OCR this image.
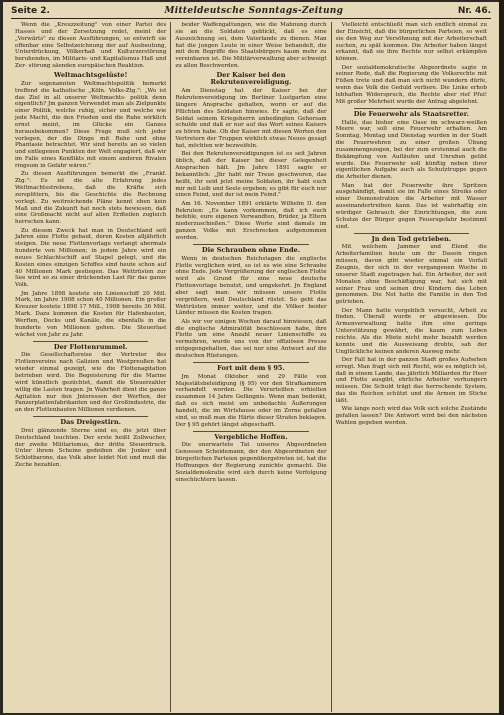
Seite 2.	Mitteldeutsche Sonntags-Zeitung	Nr. 46.

Wenn die „Kreuzzeitung" von einer Partei des Hasses und der Zersetzung redet, meint der „Vorwärts" zu diesen Ausführungen, so entwirft sie offenbar eine Selbstzeichnung der auf Ausbeutung, Unterdrückung, Völkerhaß und Kulturzerstörung beruhenden, im Militaris- und Kapitalismus Haß und Zer- störung säenden europäischen Reaktion.

Weltmachtsgelüste!

Zur sogenannten Weltmachtspolitik bemerkt treffend die katholische „Köln. Volks-Ztg.": „Wo ist das Ziel in all unserer Weltmachts- politik denn eigentlich? Jm ganzen Verwendet man als Zielpunkte einer Politik, welche ruhig, sicher und welche wie jede Macht, die den Frieden und die Ruhe wirklich ernst meint, im Glücke ein Ganzes herausbekommen? Diese Frage muß sich jeder vorlegen, der die Dinge mit Ruhe und ohne Phantasie betrachtet. Wir sind bereits an so vielen und entlegenen Punkten der Welt engagiert, daß wir im Falle eines Konflikts mit einem anderen Rivalen ringsum in Gefahr wären."

Zu diesen Ausführungen bemerkt die „Frankf. Ztg.": Es ist die alte Erfahrung jedes Weltmachtsstrebens, daß die Kräfte sich zersplittern, bis die Geschichte die Rechnung vorlegt. Zu weitreichende Pläne kennt eben kein Maß und die Zukunft hat noch stets bewiesen, daß eine Großmacht nicht auf allen Erdteilen zugleich herrschen kann.

Zu diesem Zweck hat man in Deutschland seit Jahren eine Flotte gebaut, deren Kosten alljährlich steigen. Die neue Flottenvorlage verlangt abermals hunderte von Millionen; in jedem Jahre wird ein neues Schlachtschiff auf Stapel gelegt, und die Kosten eines einzigen Schiffes sind heute schon auf 40 Millionen Mark gestiegen. Das Wettrüsten zur See wird so zu einer drückenden Last für das ganze Volk.

Jm Jahre 1898 kostete ein Linienschiff 20 Mill. Mark, im Jahre 1908 schon 40 Millionen. Ein großer Kreuzer kostete 1898 17 Mill., 1908 bereits 36 Mill. Mark. Dazu kommen die Kosten für Hafenbauten, Werften, Docks und Kanäle, die ebenfalls in die hunderte von Millionen gehen. Die Steuerlast wächst von Jahr zu Jahr.

Der Flottenrummel.

Die Gesellschaftsreise der Vertreter des Flottenvereins nach Galizien und Westpreußen hat wieder einmal gezeigt, wie die Flottenagitation betrieben wird. Die Begeisterung für die Marine wird künstlich gezüchtet, damit die Steuerzahler willig die Lasten tragen. Jn Wahrheit dient die ganze Agitation nur den Jnteressen der Werften, der Panzerplattenfabrikanten und der Großindustrie, die an den Flottenbauten Millionen verdienen.

Das Dreigestirn.

Drei glänzende Sterne sind es, die jetzt über Deutschland leuchten. Der erste heißt Zollwucher, der zweite Militarismus, der dritte Steuerdruck. Unter ihrem Scheine gedeihen die Junker und Schlotbarone, das Volk aber leidet Not und muß die Zeche bezahlen.

beider Waffengattungen, wie die Mahnung durch sie an die Soldaten geblickt, daß es eine Auszeichnung sei, dem Vaterlande zu dienen. Man hat die jungen Leute in einer Weise behandelt, die mit dem Begriffe des Staatsbürgers kaum mehr zu vereinbaren ist. Die Militärverwaltung aber schweigt zu allen Beschwerden.

Der Kaiser bei den Rekrutenvereidigung.

Am Dienstag hat der Kaiser bei der Rekrutenvereidigung im Berliner Lustgarten eine längere Ansprache gehalten, worin er auf die Pflichten des Soldaten hinwies. Er sagte, daß der Soldat seinem Kriegsherrn unbedingten Gehorsam schulde und daß er nur auf das Wort seines Kaisers zu hören habe. Ob der Kaiser mit diesen Worten den Vertretern der Truppen wirklich etwas Neues gesagt hat, möchten wir bezweifeln.

Bei den Rekrutenvereidigungen ist es seit Jahren üblich, daß der Kaiser bei dieser Gelegenheit Ansprachen hält. Jm Jahre 1891 sagte er bekanntlich: „Jhr habt mir Treue geschworen, das heißt, ihr seid jetzt meine Soldaten, ihr habt euch mir mit Leib und Seele ergeben; es gibt für euch nur einen Feind, und der ist mein Feind."

Am 16. November 1891 erklärte Wilhelm II. den Rekruten: „Es kann vorkommen, daß ich euch befehle, eure eigenen Verwandten, Brüder, ja Eltern niederzuschießen." Diese Worte sind damals im ganzen Volke mit Erschrecken aufgenommen worden.

Die Schrauben ohne Ende.

Wenn in deutschen Reichstagen die englische Flotte verglichen wird, so ist es wie eine Schraube ohne Ende. Jede Vergrößerung der englischen Flotte wird als Grund für eine neue deutsche Flottenvorlage benutzt, und umgekehrt. Jn England aber sagt man: wir müssen unsere Flotte vergrößern, weil Deutschland rüstet. So geht das Wettrüsten immer weiter, und die Völker beider Länder müssen die Kosten tragen.

Als wir vor einigen Wochen darauf hinwiesen, daß die englische Admiralität beschlossen habe, ihre Flotte um eine Anzahl neuer Linienschiffe zu vermehren, wurde uns von der offiziösen Presse entgegengehalten, das sei nur eine Antwort auf die deutschen Rüstungen.

Fort mit dem § 95.

Jm Monat Oktober sind 29 Fälle von Majestätsbeleidigung (§ 95) vor den Strafkammern verhandelt worden. Die Verurteilten erhielten zusammen 14 Jahre Gefängnis. Wenn man bedenkt, daß es sich meist um unbedachte Äußerungen handelt, die im Wirtshause oder im Zorne gefallen sind, so muß man die Härte dieser Strafen beklagen. Der § 95 gehört längst abgeschafft.

Vergebliche Hoffen.

Die unerwartete Tat unseres Abgeordneten Genossen Scheidemann, der den Abgeordneten der bürgerlichen Parteien gegenübergetreten ist, hat die Hoffnungen der Regierung zunichte gemacht. Die Sozialdemokratie wird sich durch keine Verfolgung einschüchtern lassen.

Vielleicht entschließt man sich endlich einmal zu der Einsicht, daß die bürgerlichen Parteien, so weit sie den Weg zur Versöhnung mit der Arbeiterschaft suchen, zu spät kommen. Die Arbeiter haben längst erkannt, daß sie ihre Rechte nur selbst erkämpfen können.

Der sozialdemokratische Abgeordnete sagte in seiner Rede, daß die Regierung die Volksrechte mit Füßen trete und daß man sich nicht wundern dürfe, wenn das Volk die Geduld verliere. Die Linke erhob lebhaften Widerspruch, die Rechte aber rief Pfui! Mit großer Mehrheit wurde der Antrag abgelehnt.

Die Feuerwehr als Staatsretter.

Halle, das bisher eine Oase im schwarz-weißen Meere war, soll eine Feuerwehr erhalten. Am Sonntag, Montag und Dienstag wurden in der Stadt die Feuerwehren zu einer großen Übung zusammengezogen, bei der zum erstenmal auch die Bekämpfung von Aufläufen und Unruhen geübt wurde. Die Feuerwehr soll künftig neben ihrer eigentlichen Aufgabe auch als Schutztruppe gegen die Arbeiter dienen.

Man hat der Feuerwehr ihre Spritzen ausgehändigt, damit sie im Falle eines Streiks oder einer Demonstration die Arbeiter mit Wasser auseinandertreiben kann. Das ist wahrhaftig ein würdiger Gebrauch der Einrichtungen, die zum Schutze der Bürger gegen Feuersgefahr bestimmt sind.

Jn den Tod getrieben.

Mit welchem Jammer und Elend die Arbeiterfamilien heute um ihr Dasein ringen müssen, davon gibt wieder einmal ein Vorfall Zeugnis, der sich in der vergangenen Woche in unserer Stadt zugetragen hat. Ein Arbeiter, der seit Monaten ohne Beschäftigung war, hat sich mit seiner Frau und seinen drei Kindern das Leben genommen. Die Not hatte die Familie in den Tod getrieben.

Der Mann hatte vergeblich versucht, Arbeit zu finden. Überall wurde er abgewiesen. Die Armenverwaltung hatte ihm eine geringe Unterstützung gewährt, die kaum zum Leben reichte. Als die Miete nicht mehr bezahlt werden konnte und die Ausweisung drohte, sah der Unglückliche keinen anderen Ausweg mehr.

Der Fall hat in der ganzen Stadt großes Aufsehen erregt. Man fragt sich mit Recht, wie es möglich ist, daß in einem Lande, das jährlich Milliarden für Heer und Flotte ausgibt, ehrliche Arbeiter verhungern müssen. Die Schuld trägt das herrschende System, das die Reichen schützt und die Armen im Stiche läßt.

Wie lange noch wird das Volk sich solche Zustände gefallen lassen? Die Antwort wird bei den nächsten Wahlen gegeben werden.
